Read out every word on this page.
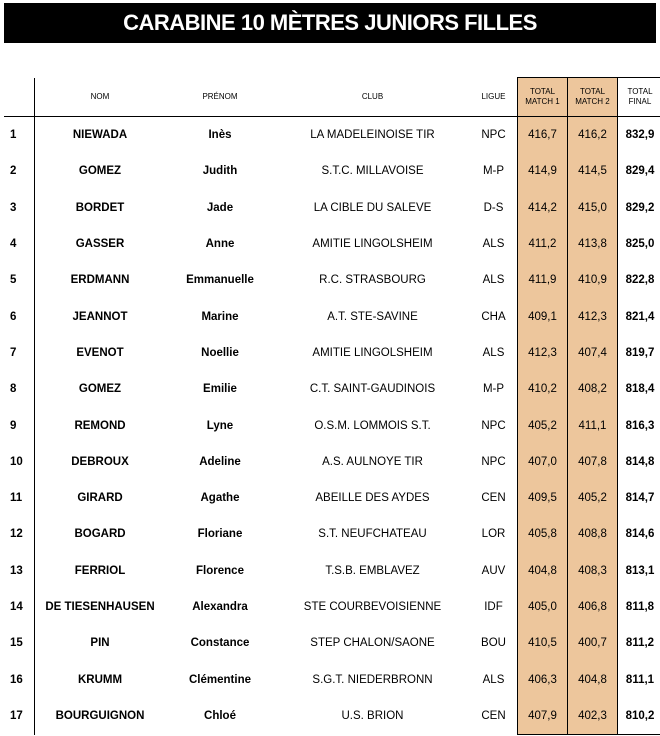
CARABINE 10 MÈTRES JUNIORS FILLES
	NOM	PRÉNOM	CLUB	LIGUE	TOTAL MATCH 1	TOTAL MATCH 2	TOTAL FINAL
1	NIEWADA	Inès	LA MADELEINOISE TIR	NPC	416,7	416,2	832,9
2	GOMEZ	Judith	S.T.C. MILLAVOISE	M-P	414,9	414,5	829,4
3	BORDET	Jade	LA CIBLE DU SALEVE	D-S	414,2	415,0	829,2
4	GASSER	Anne	AMITIE LINGOLSHEIM	ALS	411,2	413,8	825,0
5	ERDMANN	Emmanuelle	R.C. STRASBOURG	ALS	411,9	410,9	822,8
6	JEANNOT	Marine	A.T. STE-SAVINE	CHA	409,1	412,3	821,4
7	EVENOT	Noellie	AMITIE LINGOLSHEIM	ALS	412,3	407,4	819,7
8	GOMEZ	Emilie	C.T. SAINT-GAUDINOIS	M-P	410,2	408,2	818,4
9	REMOND	Lyne	O.S.M. LOMMOIS S.T.	NPC	405,2	411,1	816,3
10	DEBROUX	Adeline	A.S. AULNOYE TIR	NPC	407,0	407,8	814,8
11	GIRARD	Agathe	ABEILLE DES AYDES	CEN	409,5	405,2	814,7
12	BOGARD	Floriane	S.T. NEUFCHATEAU	LOR	405,8	408,8	814,6
13	FERRIOL	Florence	T.S.B. EMBLAVEZ	AUV	404,8	408,3	813,1
14	DE TIESENHAUSEN	Alexandra	STE COURBEVOISIENNE	IDF	405,0	406,8	811,8
15	PIN	Constance	STEP CHALON/SAONE	BOU	410,5	400,7	811,2
16	KRUMM	Clémentine	S.G.T. NIEDERBRONN	ALS	406,3	404,8	811,1
17	BOURGUIGNON	Chloé	U.S. BRION	CEN	407,9	402,3	810,2
